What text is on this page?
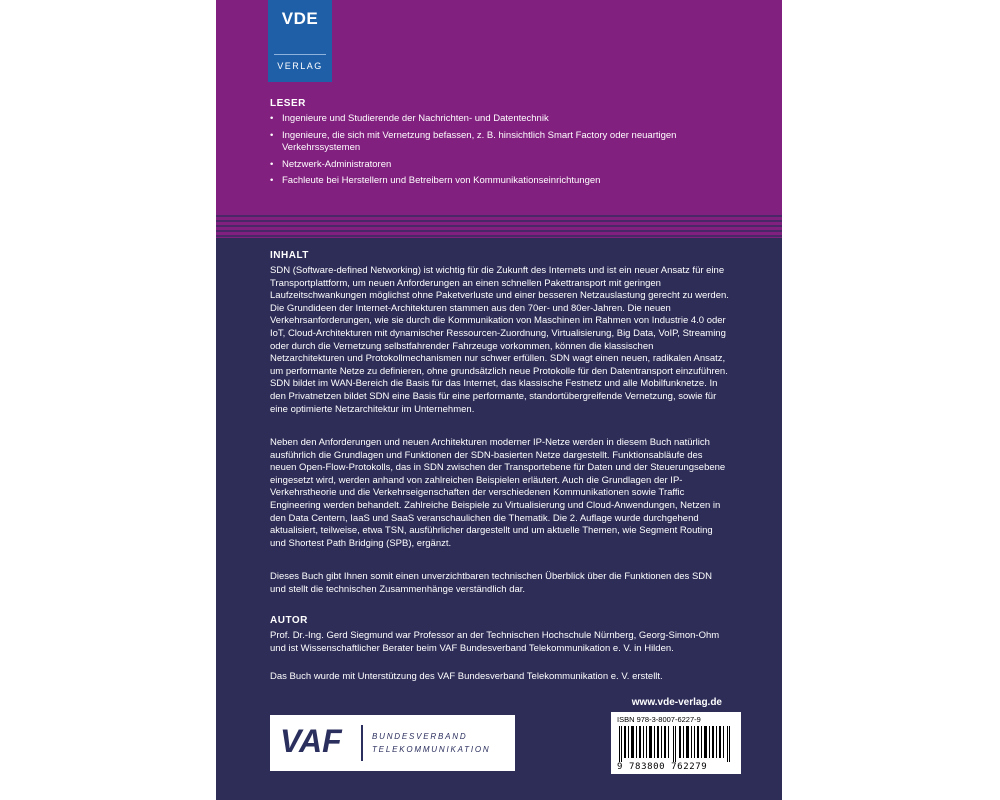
VDE
VERLAG
LESER
• Ingenieure und Studierende der Nachrichten- und Datentechnik
• Ingenieure, die sich mit Vernetzung befassen, z. B. hinsichtlich Smart Factory oder neuartigen Verkehrssystemen
• Netzwerk-Administratoren
• Fachleute bei Herstellern und Betreibern von Kommunikationseinrichtungen
INHALT

SDN (Software-defined Networking) ist wichtig für die Zukunft des Internets und ist ein neuer Ansatz für eine Transportplattform, um neuen Anforderungen an einen schnellen Pakettransport mit geringen Laufzeitschwankungen möglichst ohne Paketverluste und einer besseren Netzauslastung gerecht zu werden. Die Grundideen der Internet-Architekturen stammen aus den 70er- und 80er-Jahren. Die neuen Verkehrsanforderungen, wie sie durch die Kommunikation von Maschinen im Rahmen von Industrie 4.0 oder IoT, Cloud-Architekturen mit dynamischer Ressourcen-Zuordnung, Virtualisierung, Big Data, VoIP, Streaming oder durch die Vernetzung selbstfahrender Fahrzeuge vorkommen, können die klassischen Netzarchitekturen und Protokollmechanismen nur schwer erfüllen. SDN wagt einen neuen, radikalen Ansatz, um performante Netze zu definieren, ohne grundsätzlich neue Protokolle für den Datentransport einzuführen. SDN bildet im WAN-Bereich die Basis für das Internet, das klassische Festnetz und alle Mobilfunknetze. In den Privatnetzen bildet SDN eine Basis für eine performante, standortübergreifende Vernetzung, sowie für eine optimierte Netzarchitektur im Unternehmen.

Neben den Anforderungen und neuen Architekturen moderner IP-Netze werden in diesem Buch natürlich ausführlich die Grundlagen und Funktionen der SDN-basierten Netze dargestellt. Funktionsabläufe des neuen Open-Flow-Protokolls, das in SDN zwischen der Transportebene für Daten und der Steuerungsebene eingesetzt wird, werden anhand von zahlreichen Beispielen erläutert. Auch die Grundlagen der IP-Verkehrstheorie und die Verkehrseigenschaften der verschiedenen Kommunikationen sowie Traffic Engineering werden behandelt. Zahlreiche Beispiele zu Virtualisierung und Cloud-Anwendungen, Netzen in den Data Centern, IaaS und SaaS veranschaulichen die Thematik. Die 2. Auflage wurde durchgehend aktualisiert, teilweise, etwa TSN, ausführlicher dargestellt und um aktuelle Themen, wie Segment Routing und Shortest Path Bridging (SPB), ergänzt.

Dieses Buch gibt Ihnen somit einen unverzichtbaren technischen Überblick über die Funktionen des SDN und stellt die technischen Zusammenhänge verständlich dar.

AUTOR

Prof. Dr.-Ing. Gerd Siegmund war Professor an der Technischen Hochschule Nürnberg, Georg-Simon-Ohm und ist Wissenschaftlicher Berater beim VAF Bundesverband Telekommunikation e. V. in Hilden.

Das Buch wurde mit Unterstützung des VAF Bundesverband Telekommunikation e. V. erstellt.

www.vde-verlag.de
VAF	BUNDESVERBAND
TELEKOMMUNIKATION
ISBN 978-3-8007-6227-9
9 783800 762279
